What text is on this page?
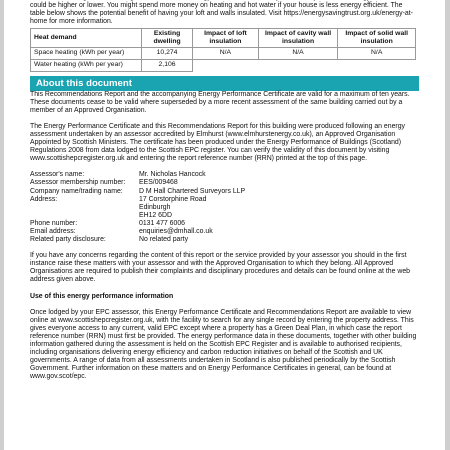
could be higher or lower. You might spend more money on heating and hot water if your house is less energy efficient. The table below shows the potential benefit of having your loft and walls insulated. Visit https://energysavingtrust.org.uk/energy-at-home for more information.

Heat demand	Existing dwelling	Impact of loft insulation	Impact of cavity wall insulation	Impact of solid wall insulation
Space heating (kWh per year)	10,274	N/A	N/A	N/A
Water heating (kWh per year)	2,106			
About this document

This Recommendations Report and the accompanying Energy Performance Certificate are valid for a maximum of ten years. These documents cease to be valid where superseded by a more recent assessment of the same building carried out by a member of an Approved Organisation.

The Energy Performance Certificate and this Recommendations Report for this building were produced following an energy assessment undertaken by an assessor accredited by Elmhurst (www.elmhurstenergy.co.uk), an Approved Organisation Appointed by Scottish Ministers. The certificate has been produced under the Energy Performance of Buildings (Scotland) Regulations 2008 from data lodged to the Scottish EPC register. You can verify the validity of this document by visiting www.scottishepcregister.org.uk and entering the report reference number (RRN) printed at the top of this page.

Assessor's name:	Mr. Nicholas Hancock
Assessor membership number:	EES/009468
Company name/trading name:	D M Hall Chartered Surveyors LLP
Address:	17 Corstorphine Road
Edinburgh
EH12 6DD
Phone number:	0131 477 6006
Email address:	enquiries@dmhall.co.uk
Related party disclosure:	No related party

If you have any concerns regarding the content of this report or the service provided by your assessor you should in the first instance raise these matters with your assessor and with the Approved Organisation to which they belong. All Approved Organisations are required to publish their complaints and disciplinary procedures and details can be found online at the web address given above.

Use of this energy performance information

Once lodged by your EPC assessor, this Energy Performance Certificate and Recommendations Report are available to view online at www.scottishepcregister.org.uk, with the facility to search for any single record by entering the property address. This gives everyone access to any current, valid EPC except where a property has a Green Deal Plan, in which case the report reference number (RRN) must first be provided. The energy performance data in these documents, together with other building information gathered during the assessment is held on the Scottish EPC Register and is available to authorised recipients, including organisations delivering energy efficiency and carbon reduction initiatives on behalf of the Scottish and UK governments. A range of data from all assessments undertaken in Scotland is also published periodically by the Scottish Government. Further information on these matters and on Energy Performance Certificates in general, can be found at www.gov.scot/epc.
